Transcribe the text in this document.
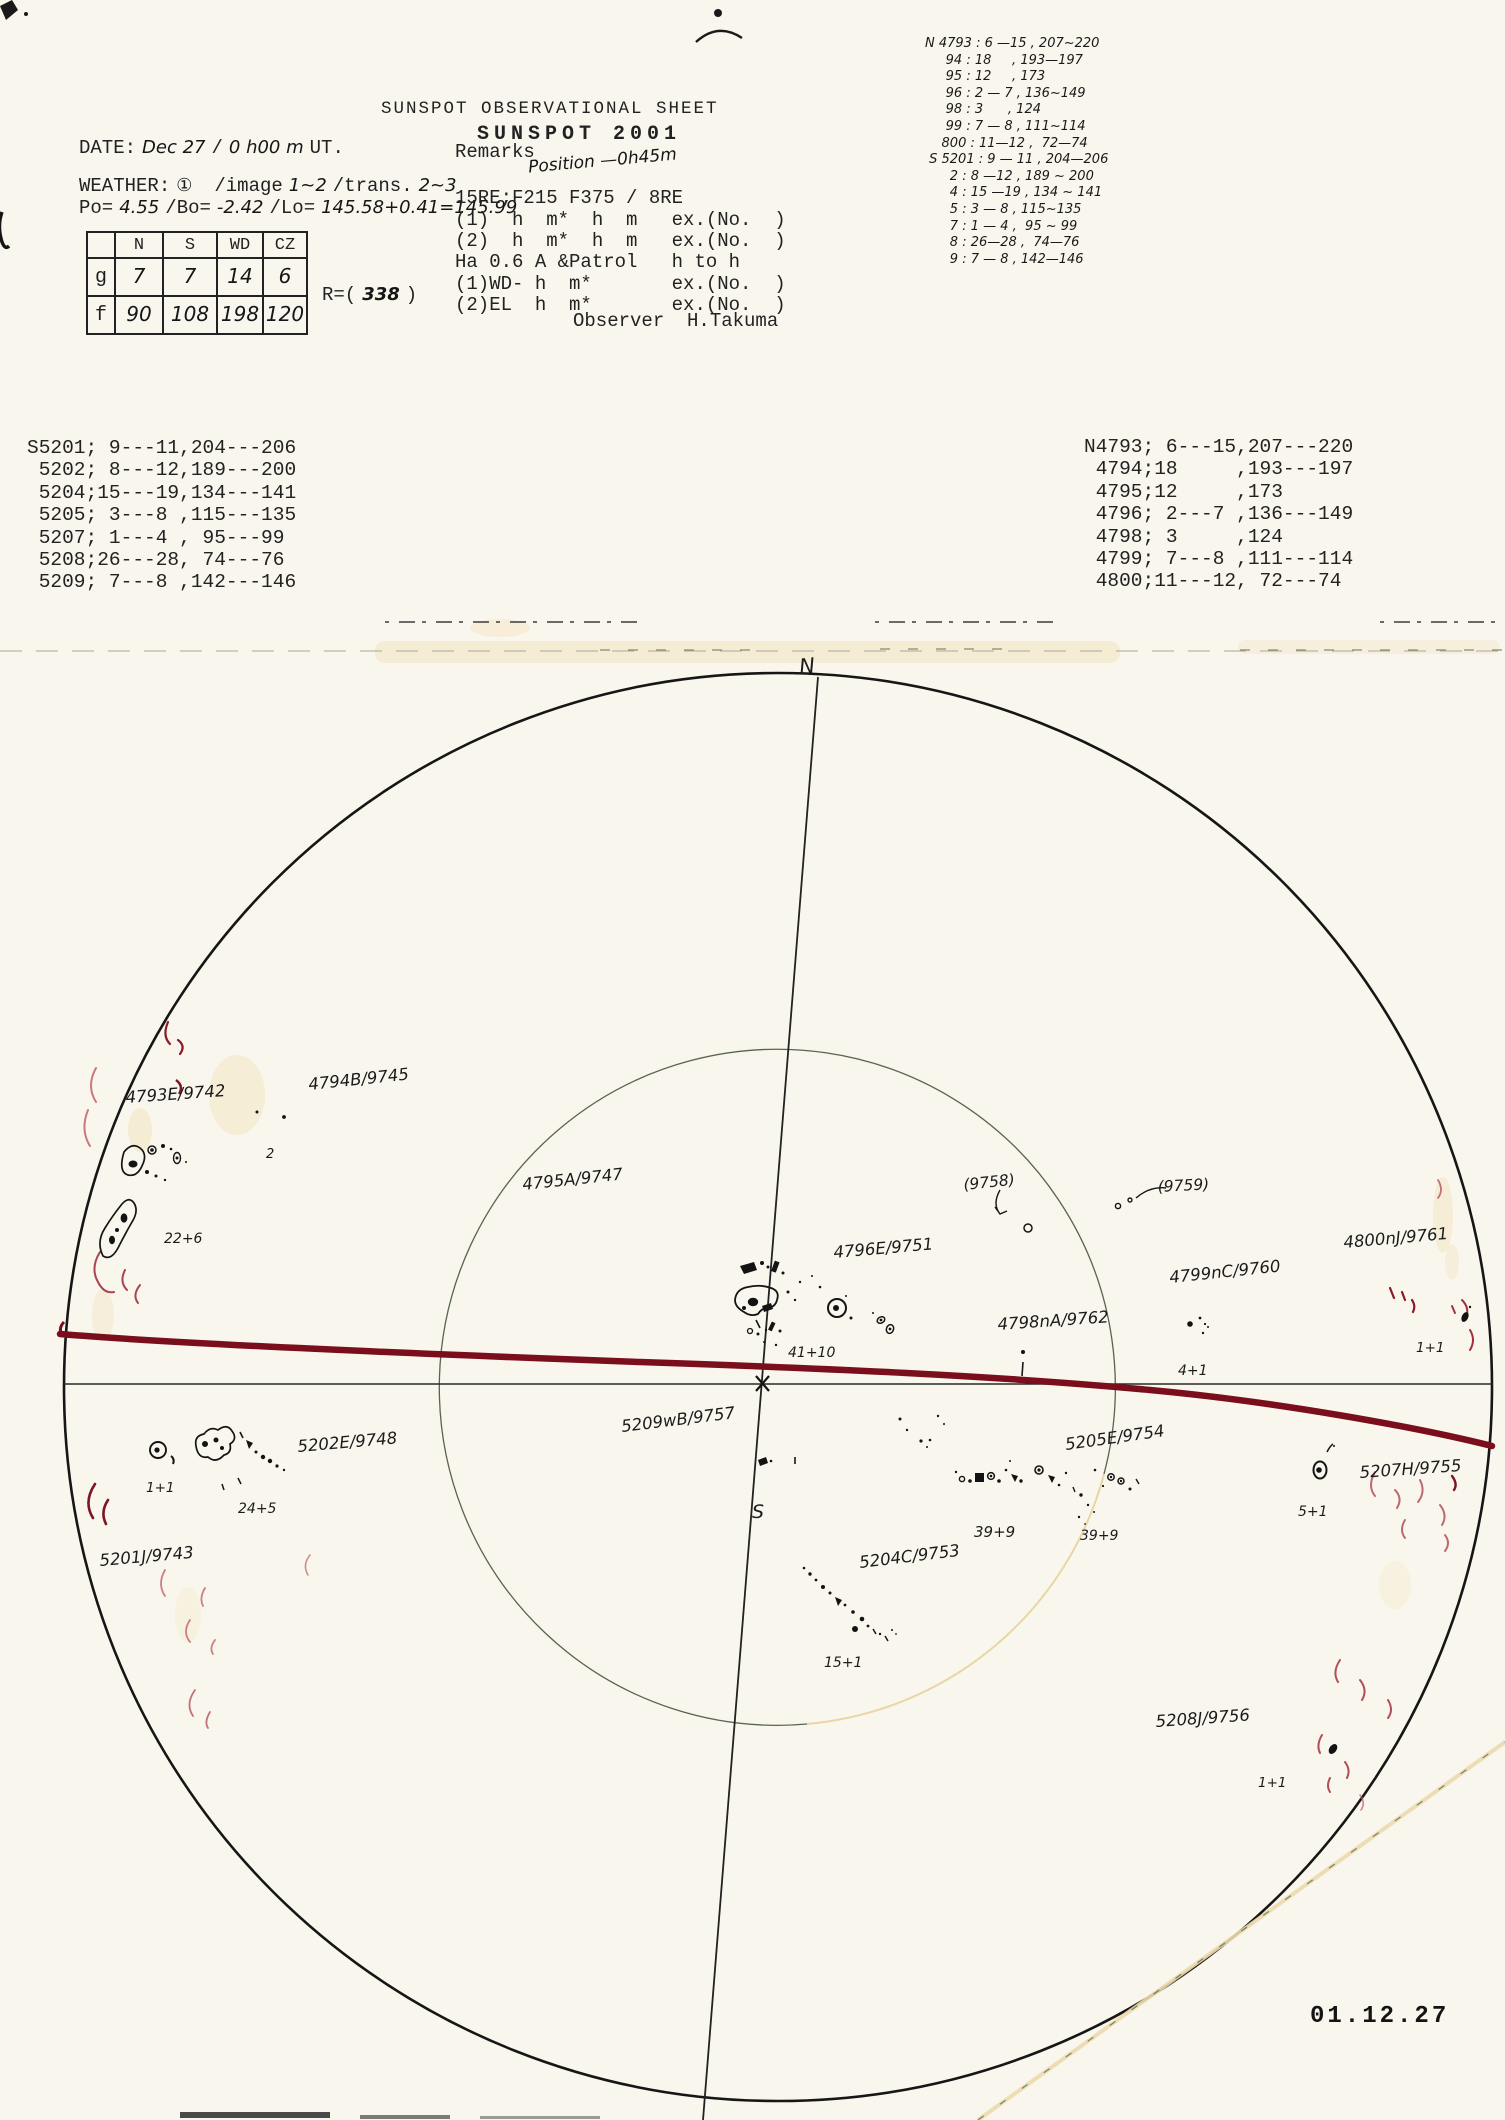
SUNSPOT OBSERVATIONAL SHEET
SUNSPOT 2001
DATE: Dec 27 / 0 h00 m UT.
WEATHER: ① /image 1~2 /trans. 2~3
Po= 4.55 /Bo= -2.42 /Lo= 145.58+0.41=145.99
	N	S	WD	CZ
g	7	7	14	6
f	90	108	198	120
R=( 338 )
Remarks
Position —0h45m
15RE;F215 F375 / 8RE
(1)  h  m*  h  m   ex.(No.  )
(2)  h  m*  h  m   ex.(No.  )
Ha 0.6 A &Patrol   h to h
(1)WD- h  m*       ex.(No.  )
(2)EL  h  m*       ex.(No.  )
Observer  H.Takuma
N 4793 : 6 —15 , 207~220
94 : 18     , 193—197
95 : 12     , 173
96 : 2 — 7 , 136~149
98 : 3      , 124
99 : 7 — 8 , 111~114
800 : 11—12 ,  72—74
S 5201 : 9 — 11 , 204—206
2 : 8 —12 , 189 ~ 200
4 : 15 —19 , 134 ~ 141
5 : 3 — 8 , 115~135
7 : 1 — 4 ,  95 ~ 99
8 : 26—28 ,  74—76
9 : 7 — 8 , 142—146
S5201; 9---11,204---206
5202; 8---12,189---200
5204;15---19,134---141
5205; 3---8 ,115---135
5207; 1---4 , 95---99
5208;26---28, 74---76
5209; 7---8 ,142---146
N4793; 6---15,207---220
4794;18     ,193---197
4795;12     ,173
4796; 2---7 ,136---149
4798; 3     ,124
4799; 7---8 ,111---114
4800;11---12, 72---74
01.12.27
N
S
4793E/9742
4794B/9745
22+6
2
4795A/9747	(9758)	(9759)
4796E/9751	4800nJ/9761
4799nC/9760
4798nA/9762
41+10
4+1
1+1
5209wB/9757
5202E/9748
1+1
24+5
5201J/9743
5205E/9754
5207H/9755
5+1
39+9	39+9
5204C/9753
15+1
5208J/9756
1+1
